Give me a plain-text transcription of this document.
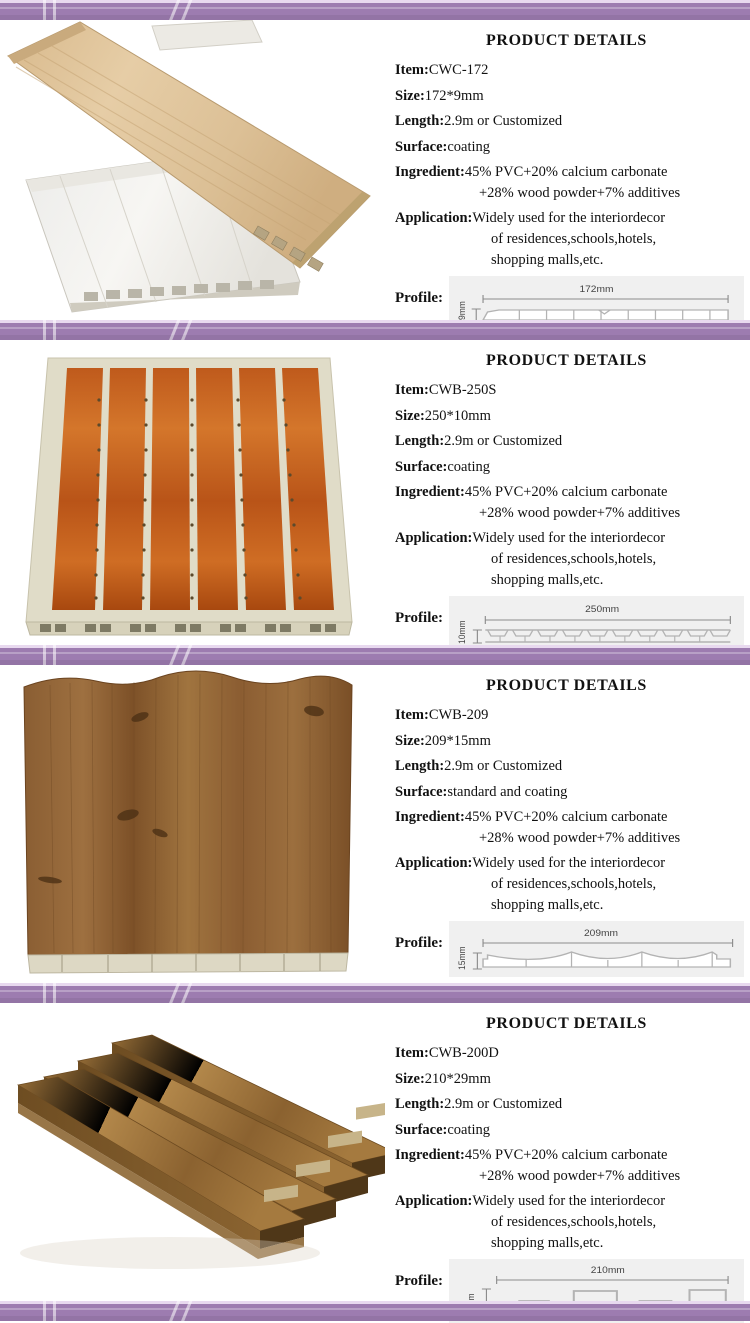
PRODUCT DETAILS
Item: CWC-172
Size: 172*9mm
Length: 2.9m or Customized
Surface: coating
Ingredient:45% PVC+20% calcium carbonate
+28% wood powder+7% additives
Application:Widely used for the interiordecor
of residences,schools,hotels,
shopping malls,etc.
Profile:
172mm
9mm
PRODUCT DETAILS
Item: CWB-250S
Size: 250*10mm
Length: 2.9m or Customized
Surface: coating
Ingredient:45% PVC+20% calcium carbonate
+28% wood powder+7% additives
Application:Widely used for the interiordecor
of residences,schools,hotels,
shopping malls,etc.
Profile:
250mm
10mm
PRODUCT DETAILS
Item: CWB-209
Size: 209*15mm
Length: 2.9m or Customized
Surface: standard and coating
Ingredient:45% PVC+20% calcium carbonate
+28% wood powder+7% additives
Application:Widely used for the interiordecor
of residences,schools,hotels,
shopping malls,etc.
Profile:
209mm
15mm
PRODUCT DETAILS
Item: CWB-200D
Size: 210*29mm
Length: 2.9m or Customized
Surface: coating
Ingredient:45% PVC+20% calcium carbonate
+28% wood powder+7% additives
Application:Widely used for the interiordecor
of residences,schools,hotels,
shopping malls,etc.
Profile:
210mm
